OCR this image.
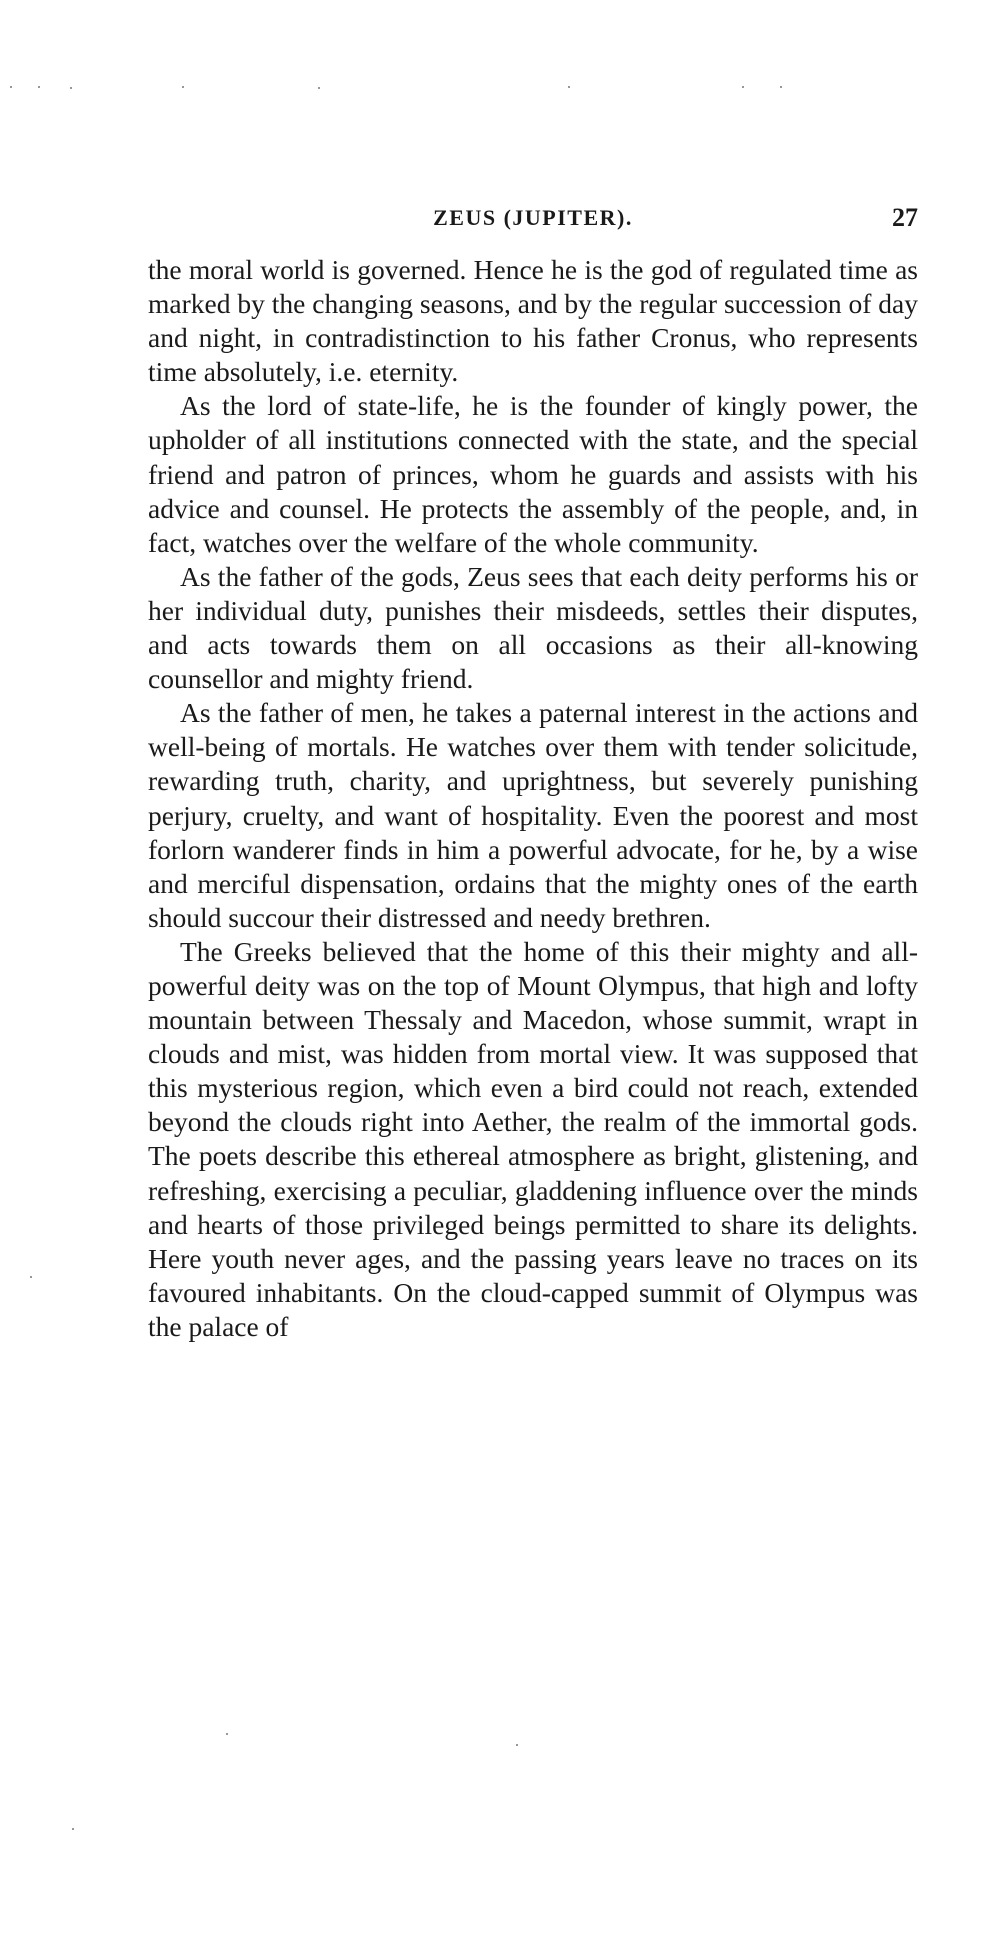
ZEUS (JUPITER).	27

the moral world is governed. Hence he is the god of regulated time as marked by the changing seasons, and by the regular succession of day and night, in contradistinction to his father Cronus, who represents time absolutely, i.e. eternity.

As the lord of state-life, he is the founder of kingly power, the upholder of all institutions connected with the state, and the special friend and patron of princes, whom he guards and assists with his advice and counsel. He protects the assembly of the people, and, in fact, watches over the welfare of the whole community.

As the father of the gods, Zeus sees that each deity performs his or her individual duty, punishes their misdeeds, settles their disputes, and acts towards them on all occasions as their all-knowing counsellor and mighty friend.

As the father of men, he takes a paternal interest in the actions and well-being of mortals. He watches over them with tender solicitude, rewarding truth, charity, and uprightness, but severely punishing perjury, cruelty, and want of hospitality. Even the poorest and most forlorn wanderer finds in him a powerful advocate, for he, by a wise and merciful dispensation, ordains that the mighty ones of the earth should succour their distressed and needy brethren.

The Greeks believed that the home of this their mighty and all-powerful deity was on the top of Mount Olympus, that high and lofty mountain between Thessaly and Macedon, whose summit, wrapt in clouds and mist, was hidden from mortal view. It was supposed that this mysterious region, which even a bird could not reach, extended beyond the clouds right into Aether, the realm of the immortal gods. The poets describe this ethereal atmosphere as bright, glistening, and refreshing, exercising a peculiar, gladdening influence over the minds and hearts of those privileged beings permitted to share its delights. Here youth never ages, and the passing years leave no traces on its favoured inhabitants. On the cloud-capped summit of Olympus was the palace of
